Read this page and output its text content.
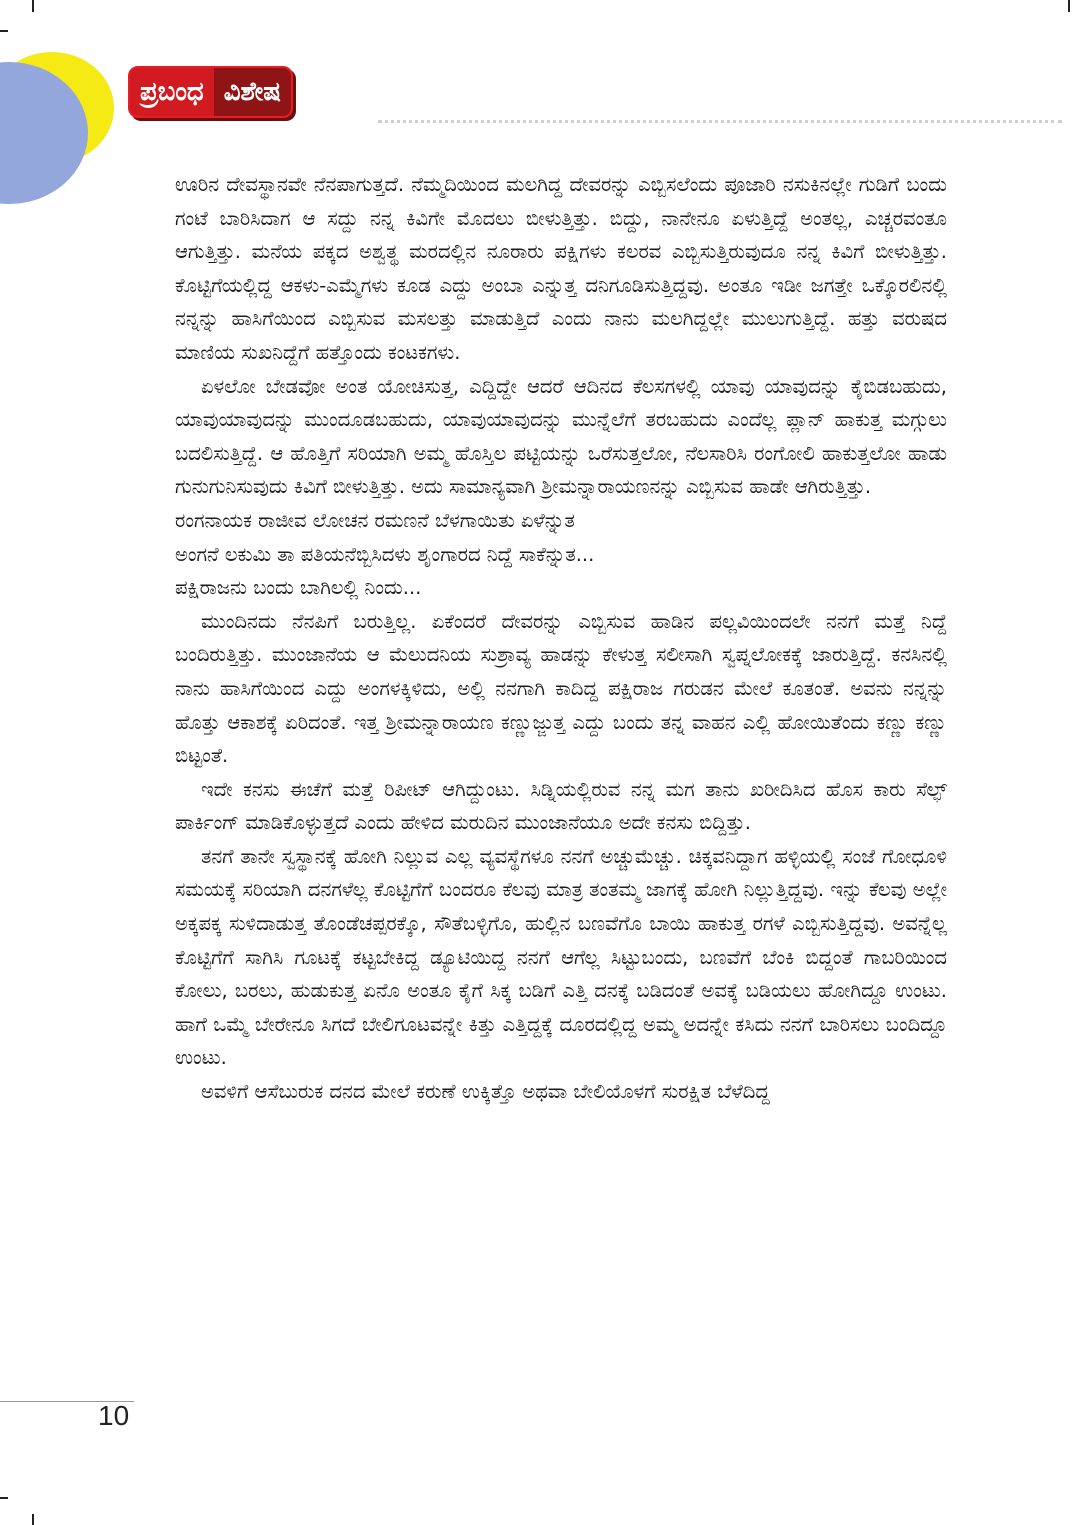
ಪ್ರಬಂಧ ವಿಶೇಷ

ಊರಿನ ದೇವಸ್ಥಾನವೇ ನೆನಪಾಗುತ್ತದೆ. ನೆಮ್ಮದಿಯಿಂದ ಮಲಗಿದ್ದ ದೇವರನ್ನು ಎಬ್ಬಿಸಲೆಂದು ಪೂಜಾರಿ ನಸುಕಿನಲ್ಲೇ ಗುಡಿಗೆ ಬಂದು ಗಂಟೆ ಬಾರಿಸಿದಾಗ ಆ ಸದ್ದು ನನ್ನ ಕಿವಿಗೇ ಮೊದಲು ಬೀಳುತ್ತಿತ್ತು. ಬಿದ್ದು, ನಾನೇನೂ ಏಳುತ್ತಿದ್ದೆ ಅಂತಲ್ಲ, ಎಚ್ಚರವಂತೂ ಆಗುತ್ತಿತ್ತು. ಮನೆಯ ಪಕ್ಕದ ಅಶ್ವತ್ಥ ಮರದಲ್ಲಿನ ನೂರಾರು ಪಕ್ಷಿಗಳು ಕಲರವ ಎಬ್ಬಿಸುತ್ತಿರುವುದೂ ನನ್ನ ಕಿವಿಗೆ ಬೀಳುತ್ತಿತ್ತು. ಕೊಟ್ಟಿಗೆಯಲ್ಲಿದ್ದ ಆಕಳು-ಎಮ್ಮೆಗಳು ಕೂಡ ಎದ್ದು ಅಂಬಾ ಎನ್ನುತ್ತ ದನಿಗೂಡಿಸುತ್ತಿದ್ದವು. ಅಂತೂ ಇಡೀ ಜಗತ್ತೇ ಒಕ್ಕೊರಲಿನಲ್ಲಿ ನನ್ನನ್ನು ಹಾಸಿಗೆಯಿಂದ ಎಬ್ಬಿಸುವ ಮಸಲತ್ತು ಮಾಡುತ್ತಿದೆ ಎಂದು ನಾನು ಮಲಗಿದ್ದಲ್ಲೇ ಮುಲುಗುತ್ತಿದ್ದೆ. ಹತ್ತು ವರುಷದ ಮಾಣಿಯ ಸುಖನಿದ್ದೆಗೆ ಹತ್ತೊಂದು ಕಂಟಕಗಳು.

ಏಳಲೋ ಬೇಡವೋ ಅಂತ ಯೋಚಿಸುತ್ತ, ಎದ್ದಿದ್ದೇ ಆದರೆ ಆದಿನದ ಕೆಲಸಗಳಲ್ಲಿ ಯಾವು ಯಾವುದನ್ನು ಕೈಬಿಡಬಹುದು, ಯಾವುಯಾವುದನ್ನು ಮುಂದೂಡಬಹುದು, ಯಾವುಯಾವುದನ್ನು ಮುನ್ನೆಲೆಗೆ ತರಬಹುದು ಎಂದೆಲ್ಲ ಪ್ಲಾನ್ ಹಾಕುತ್ತ ಮಗ್ಗುಲು ಬದಲಿಸುತ್ತಿದ್ದೆ. ಆ ಹೊತ್ತಿಗೆ ಸರಿಯಾಗಿ ಅಮ್ಮ ಹೊಸ್ತಿಲ ಪಟ್ಟಿಯನ್ನು ಒರೆಸುತ್ತಲೋ, ನೆಲಸಾರಿಸಿ ರಂಗೋಲಿ ಹಾಕುತ್ತಲೋ ಹಾಡು ಗುನುಗುನಿಸುವುದು ಕಿವಿಗೆ ಬೀಳುತ್ತಿತ್ತು. ಅದು ಸಾಮಾನ್ಯವಾಗಿ ಶ್ರೀಮನ್ನಾರಾಯಣನನ್ನು ಎಬ್ಬಿಸುವ ಹಾಡೇ ಆಗಿರುತ್ತಿತ್ತು.

ರಂಗನಾಯಕ ರಾಜೀವ ಲೋಚನ ರಮಣನೆ ಬೆಳಗಾಯಿತು ಏಳೆನ್ನುತ

ಅಂಗನೆ ಲಕುಮಿ ತಾ ಪತಿಯನೆಬ್ಬಿಸಿದಳು ಶೃಂಗಾರದ ನಿದ್ದೆ ಸಾಕೆನ್ನುತ...

ಪಕ್ಷಿರಾಜನು ಬಂದು ಬಾಗಿಲಲ್ಲಿ ನಿಂದು...

ಮುಂದಿನದು ನೆನಪಿಗೆ ಬರುತ್ತಿಲ್ಲ. ಏಕೆಂದರೆ ದೇವರನ್ನು ಎಬ್ಬಿಸುವ ಹಾಡಿನ ಪಲ್ಲವಿಯಿಂದಲೇ ನನಗೆ ಮತ್ತೆ ನಿದ್ದೆ ಬಂದಿರುತ್ತಿತ್ತು. ಮುಂಜಾನೆಯ ಆ ಮೆಲುದನಿಯ ಸುಶ್ರಾವ್ಯ ಹಾಡನ್ನು ಕೇಳುತ್ತ ಸಲೀಸಾಗಿ ಸ್ವಪ್ನಲೋಕಕ್ಕೆ ಜಾರುತ್ತಿದ್ದೆ. ಕನಸಿನಲ್ಲಿ ನಾನು ಹಾಸಿಗೆಯಿಂದ ಎದ್ದು ಅಂಗಳಕ್ಕಿಳಿದು, ಅಲ್ಲಿ ನನಗಾಗಿ ಕಾದಿದ್ದ ಪಕ್ಷಿರಾಜ ಗರುಡನ ಮೇಲೆ ಕೂತಂತೆ. ಅವನು ನನ್ನನ್ನು ಹೊತ್ತು ಆಕಾಶಕ್ಕೆ ಏರಿದಂತೆ. ಇತ್ತ ಶ್ರೀಮನ್ನಾರಾಯಣ ಕಣ್ಣುಜ್ಜುತ್ತ ಎದ್ದು ಬಂದು ತನ್ನ ವಾಹನ ಎಲ್ಲಿ ಹೋಯಿತೆಂದು ಕಣ್ಣು ಕಣ್ಣು ಬಿಟ್ಟಂತೆ.

ಇದೇ ಕನಸು ಈಚೆಗೆ ಮತ್ತೆ ರಿಪೀಟ್ ಆಗಿದ್ದುಂಟು. ಸಿಡ್ನಿಯಲ್ಲಿರುವ ನನ್ನ ಮಗ ತಾನು ಖರೀದಿಸಿದ ಹೊಸ ಕಾರು ಸೆಲ್ಫ್ ಪಾರ್ಕಿಂಗ್ ಮಾಡಿಕೊಳ್ಳುತ್ತದೆ ಎಂದು ಹೇಳಿದ ಮರುದಿನ ಮುಂಜಾನೆಯೂ ಅದೇ ಕನಸು ಬಿದ್ದಿತ್ತು.

ತನಗೆ ತಾನೇ ಸ್ವಸ್ಥಾನಕ್ಕೆ ಹೋಗಿ ನಿಲ್ಲುವ ಎಲ್ಲ ವ್ಯವಸ್ಥೆಗಳೂ ನನಗೆ ಅಚ್ಚುಮೆಚ್ಚು. ಚಿಕ್ಕವನಿದ್ದಾಗ ಹಳ್ಳಿಯಲ್ಲಿ ಸಂಜೆ ಗೋಧೂಳಿ ಸಮಯಕ್ಕೆ ಸರಿಯಾಗಿ ದನಗಳೆಲ್ಲ ಕೊಟ್ಟಿಗೆಗೆ ಬಂದರೂ ಕೆಲವು ಮಾತ್ರ ತಂತಮ್ಮ ಜಾಗಕ್ಕೆ ಹೋಗಿ ನಿಲ್ಲುತ್ತಿದ್ದವು. ಇನ್ನು ಕೆಲವು ಅಲ್ಲೇ ಅಕ್ಕಪಕ್ಕ ಸುಳಿದಾಡುತ್ತ ತೊಂಡೆಚಪ್ಪರಕ್ಕೊ, ಸೌತೆಬಳ್ಳಿಗೊ, ಹುಲ್ಲಿನ ಬಣವೆಗೊ ಬಾಯಿ ಹಾಕುತ್ತ ರಗಳೆ ಎಬ್ಬಿಸುತ್ತಿದ್ದವು. ಅವನ್ನೆಲ್ಲ ಕೊಟ್ಟಿಗೆಗೆ ಸಾಗಿಸಿ ಗೂಟಕ್ಕೆ ಕಟ್ಟಬೇಕಿದ್ದ ಡ್ಯೂಟಿಯಿದ್ದ ನನಗೆ ಆಗೆಲ್ಲ ಸಿಟ್ಟುಬಂದು, ಬಣವೆಗೆ ಬೆಂಕಿ ಬಿದ್ದಂತೆ ಗಾಬರಿಯಿಂದ ಕೋಲು, ಬರಲು, ಹುಡುಕುತ್ತ ಏನೊ ಅಂತೂ ಕೈಗೆ ಸಿಕ್ಕ ಬಡಿಗೆ ಎತ್ತಿ ದನಕ್ಕೆ ಬಡಿದಂತೆ ಅವಕ್ಕೆ ಬಡಿಯಲು ಹೋಗಿದ್ದೂ ಉಂಟು. ಹಾಗೆ ಒಮ್ಮೆ ಬೇರೇನೂ ಸಿಗದೆ ಬೇಲಿಗೂಟವನ್ನೇ ಕಿತ್ತು ಎತ್ತಿದ್ದಕ್ಕೆ ದೂರದಲ್ಲಿದ್ದ ಅಮ್ಮ ಅದನ್ನೇ ಕಸಿದು ನನಗೆ ಬಾರಿಸಲು ಬಂದಿದ್ದೂ ಉಂಟು.

ಅವಳಿಗೆ ಆಸೆಬುರುಕ ದನದ ಮೇಲೆ ಕರುಣೆ ಉಕ್ಕಿತ್ತೊ ಅಥವಾ ಬೇಲಿಯೊಳಗೆ ಸುರಕ್ಷಿತ ಬೆಳೆದಿದ್ದ

10
